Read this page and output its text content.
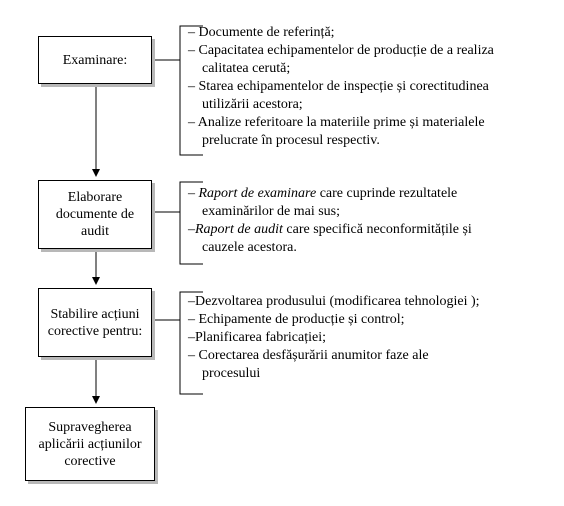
Examinare:
Elaborare
documente de
audit
Stabilire acțiuni
corective pentru:
Supravegherea
aplicării acțiunilor
corective
– Documente de referință;
– Capacitatea echipamentelor de producție de a realiza
calitatea cerută;
– Starea echipamentelor de inspecție și corectitudinea
utilizării acestora;
– Analize referitoare la materiile prime și materialele
prelucrate în procesul respectiv.
– Raport de examinare care cuprinde rezultatele
examinărilor de mai sus;
–Raport de audit care specifică neconformitățile și
cauzele acestora.
–Dezvoltarea produsului (modificarea tehnologiei );
– Echipamente de producție și control;
–Planificarea fabricației;
– Corectarea desfășurării anumitor faze ale
procesului
